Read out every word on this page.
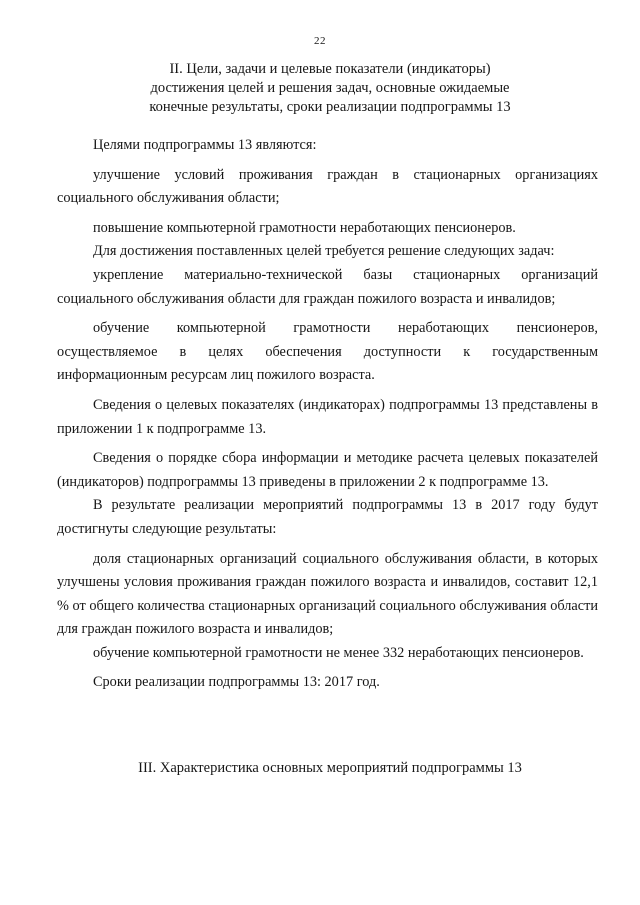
22
II. Цели, задачи и целевые показатели (индикаторы)
достижения целей и решения задач, основные ожидаемые
конечные результаты, сроки реализации подпрограммы 13

Целями подпрограммы 13 являются:

улучшение условий проживания граждан в стационарных организациях социального обслуживания области;

повышение компьютерной грамотности неработающих пенсионеров.

Для достижения поставленных целей требуется решение следующих задач:

укрепление материально-технической базы стационарных организаций социального обслуживания области для граждан пожилого возраста и инвалидов;

обучение компьютерной грамотности неработающих пенсионеров, осуществляемое в целях обеспечения доступности к государственным информационным ресурсам лиц пожилого возраста.

Сведения о целевых показателях (индикаторах) подпрограммы 13 представлены в приложении 1 к подпрограмме 13.

Сведения о порядке сбора информации и методике расчета целевых показателей (индикаторов) подпрограммы 13 приведены в приложении 2 к подпрограмме 13.

В результате реализации мероприятий подпрограммы 13 в 2017 году будут достигнуты следующие результаты:

доля стационарных организаций социального обслуживания области, в которых улучшены условия проживания граждан пожилого возраста и инвалидов, составит 12,1 % от общего количества стационарных организаций социального обслуживания области для граждан пожилого возраста и инвалидов;

обучение компьютерной грамотности не менее 332 неработающих пенсионеров.

Сроки реализации подпрограммы 13: 2017 год.

III. Характеристика основных мероприятий подпрограммы 13
